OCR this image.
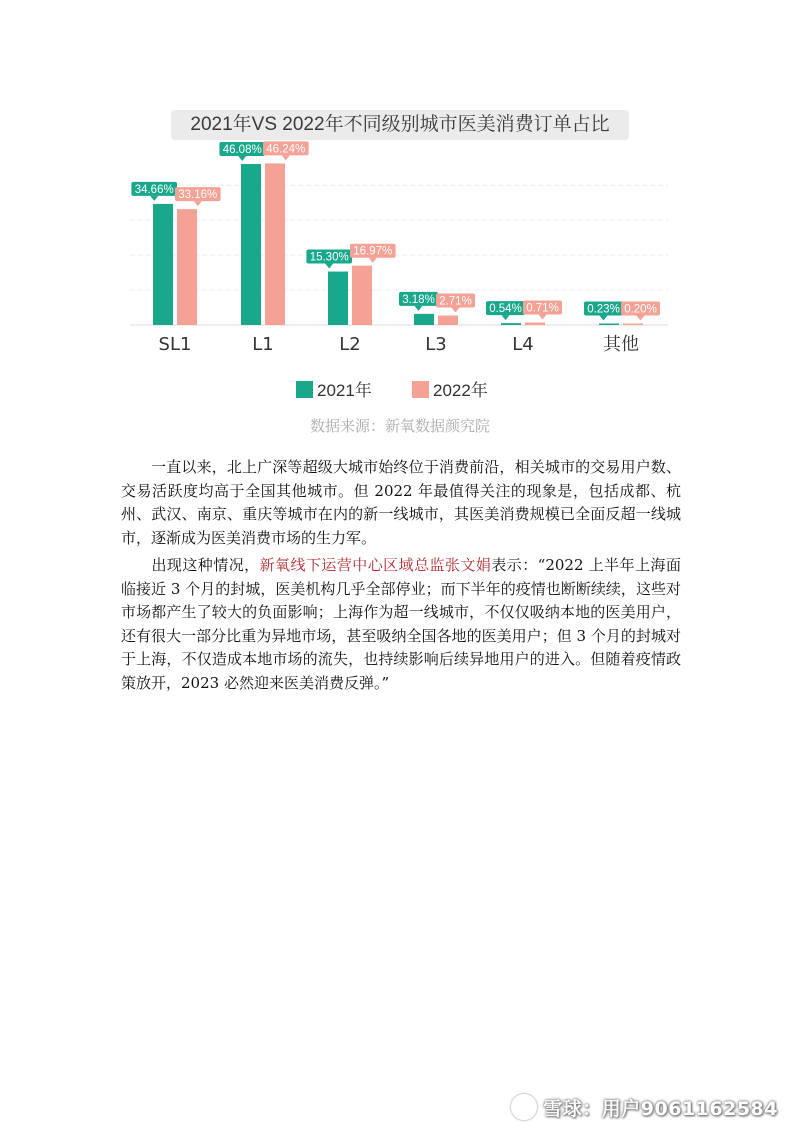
2021年VS 2022年不同级别城市医美消费订单占比
34.66%
46.08%
15.30%
3.18%
0.54%	0.23%
33.16%
46.24%
16.97%
2.71%
0.71%	0.20%
SL1	L1	L2	L3	L4	其他
2021年	2022年
数据来源：新氧数据颜究院

一直以来，北上广深等超级大城市始终位于消费前沿，相关城市的交易用户数、交易活跃度均高于全国其他城市。但 2022 年最值得关注的现象是，包括成都、杭州、武汉、南京、重庆等城市在内的新一线城市，其医美消费规模已全面反超一线城市，逐渐成为医美消费市场的生力军。

出现这种情况，新氧线下运营中心区域总监张文娟表示：“2022 上半年上海面临接近 3 个月的封城，医美机构几乎全部停业；而下半年的疫情也断断续续，这些对市场都产生了较大的负面影响；上海作为超一线城市，不仅仅吸纳本地的医美用户，还有很大一部分比重为异地市场，甚至吸纳全国各地的医美用户；但 3 个月的封城对于上海，不仅造成本地市场的流失，也持续影响后续异地用户的进入。但随着疫情政策放开，2023 必然迎来医美消费反弹。”

雪球：用户9061162584
